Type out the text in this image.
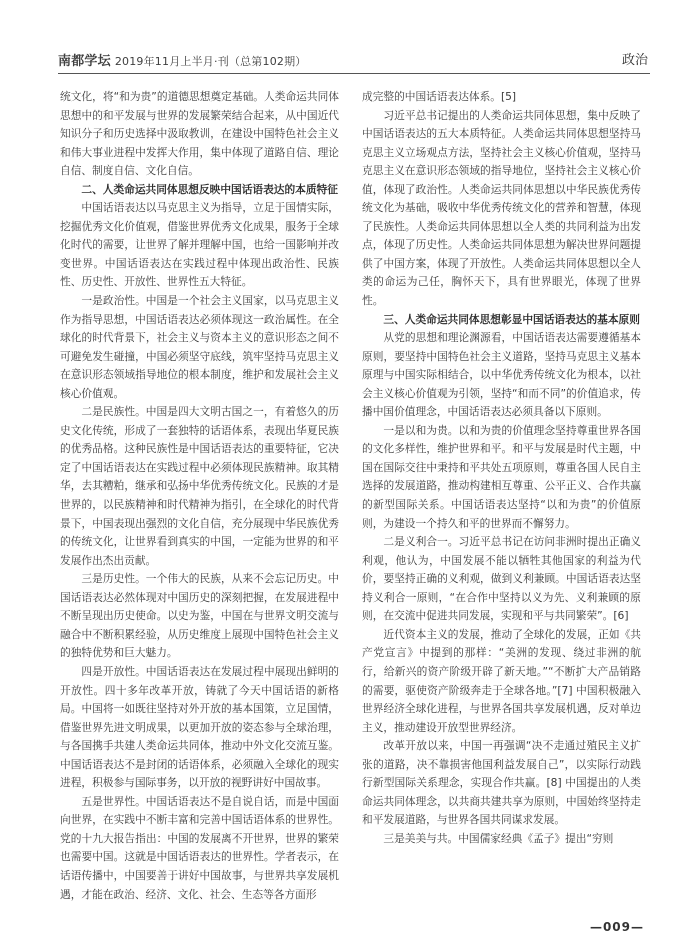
南都学坛 2019年11月上半月·刊（总第102期）	政治

统文化，将“和为贵”的道德思想奠定基础。人类命运共同体思想中的和平发展与世界的发展繁荣结合起来，从中国近代知识分子和历史选择中汲取教训，在建设中国特色社会主义和伟大事业进程中发挥大作用，集中体现了道路自信、理论自信、制度自信、文化自信。

二、人类命运共同体思想反映中国话语表达的本质特征

中国话语表达以马克思主义为指导，立足于国情实际，挖掘优秀文化价值观，借鉴世界优秀文化成果，服务于全球化时代的需要，让世界了解并理解中国，也给一国影响并改变世界。中国话语表达在实践过程中体现出政治性、民族性、历史性、开放性、世界性五大特征。

一是政治性。中国是一个社会主义国家，以马克思主义作为指导思想，中国话语表达必须体现这一政治属性。在全球化的时代背景下，社会主义与资本主义的意识形态之间不可避免发生碰撞，中国必须坚守底线，筑牢坚持马克思主义在意识形态领域指导地位的根本制度，维护和发展社会主义核心价值观。

二是民族性。中国是四大文明古国之一，有着悠久的历史文化传统，形成了一套独特的话语体系，表现出华夏民族的优秀品格。这种民族性是中国话语表达的重要特征，它决定了中国话语表达在实践过程中必须体现民族精神。取其精华，去其糟粕，继承和弘扬中华优秀传统文化。民族的才是世界的，以民族精神和时代精神为指引，在全球化的时代背景下，中国表现出强烈的文化自信，充分展现中华民族优秀的传统文化，让世界看到真实的中国，一定能为世界的和平发展作出杰出贡献。

三是历史性。一个伟大的民族，从来不会忘记历史。中国话语表达必然体现对中国历史的深刻把握，在发展进程中不断呈现出历史使命。以史为鉴，中国在与世界文明交流与融合中不断积累经验，从历史维度上展现中国特色社会主义的独特优势和巨大魅力。

四是开放性。中国话语表达在发展过程中展现出鲜明的开放性。四十多年改革开放，铸就了今天中国话语的新格局。中国将一如既往坚持对外开放的基本国策，立足国情，借鉴世界先进文明成果，以更加开放的姿态参与全球治理，与各国携手共建人类命运共同体，推动中外文化交流互鉴。中国话语表达不是封闭的话语体系，必须融入全球化的现实进程，积极参与国际事务，以开放的视野讲好中国故事。

五是世界性。中国话语表达不是自说自话，而是中国面向世界，在实践中不断丰富和完善中国话语体系的世界性。党的十九大报告指出：中国的发展离不开世界，世界的繁荣也需要中国。这就是中国话语表达的世界性。学者表示，在话语传播中，中国要善于讲好中国故事，与世界共享发展机遇，才能在政治、经济、文化、社会、生态等各方面形

成完整的中国话语表达体系。[5]

习近平总书记提出的人类命运共同体思想，集中反映了中国话语表达的五大本质特征。人类命运共同体思想坚持马克思主义立场观点方法，坚持社会主义核心价值观，坚持马克思主义在意识形态领域的指导地位，坚持社会主义核心价值，体现了政治性。人类命运共同体思想以中华民族优秀传统文化为基础，吸收中华优秀传统文化的营养和智慧，体现了民族性。人类命运共同体思想以全人类的共同利益为出发点，体现了历史性。人类命运共同体思想为解决世界问题提供了中国方案，体现了开放性。人类命运共同体思想以全人类的命运为己任，胸怀天下，具有世界眼光，体现了世界性。

三、人类命运共同体思想彰显中国话语表达的基本原则

从党的思想和理论渊源看，中国话语表达需要遵循基本原则，要坚持中国特色社会主义道路，坚持马克思主义基本原理与中国实际相结合，以中华优秀传统文化为根本，以社会主义核心价值观为引领，坚持“和而不同”的价值追求，传播中国价值理念，中国话语表达必须具备以下原则。

一是以和为贵。以和为贵的价值理念坚持尊重世界各国的文化多样性，维护世界和平。和平与发展是时代主题，中国在国际交往中秉持和平共处五项原则，尊重各国人民自主选择的发展道路，推动构建相互尊重、公平正义、合作共赢的新型国际关系。中国话语表达坚持“以和为贵”的价值原则，为建设一个持久和平的世界而不懈努力。

二是义利合一。习近平总书记在访问非洲时提出正确义利观，他认为，中国发展不能以牺牲其他国家的利益为代价，要坚持正确的义利观，做到义利兼顾。中国话语表达坚持义利合一原则，“在合作中坚持以义为先、义利兼顾的原则，在交流中促进共同发展，实现和平与共同繁荣”。[6]

近代资本主义的发展，推动了全球化的发展，正如《共产党宣言》中提到的那样：“美洲的发现、绕过非洲的航行，给新兴的资产阶级开辟了新天地。”“不断扩大产品销路的需要，驱使资产阶级奔走于全球各地。”[7] 中国积极融入世界经济全球化进程，与世界各国共享发展机遇，反对单边主义，推动建设开放型世界经济。

改革开放以来，中国一再强调“决不走通过殖民主义扩张的道路，决不靠损害他国利益发展自己”，以实际行动践行新型国际关系理念，实现合作共赢。[8] 中国提出的人类命运共同体理念，以共商共建共享为原则，中国始终坚持走和平发展道路，与世界各国共同谋求发展。

三是美美与共。中国儒家经典《孟子》提出“穷则

—009—
